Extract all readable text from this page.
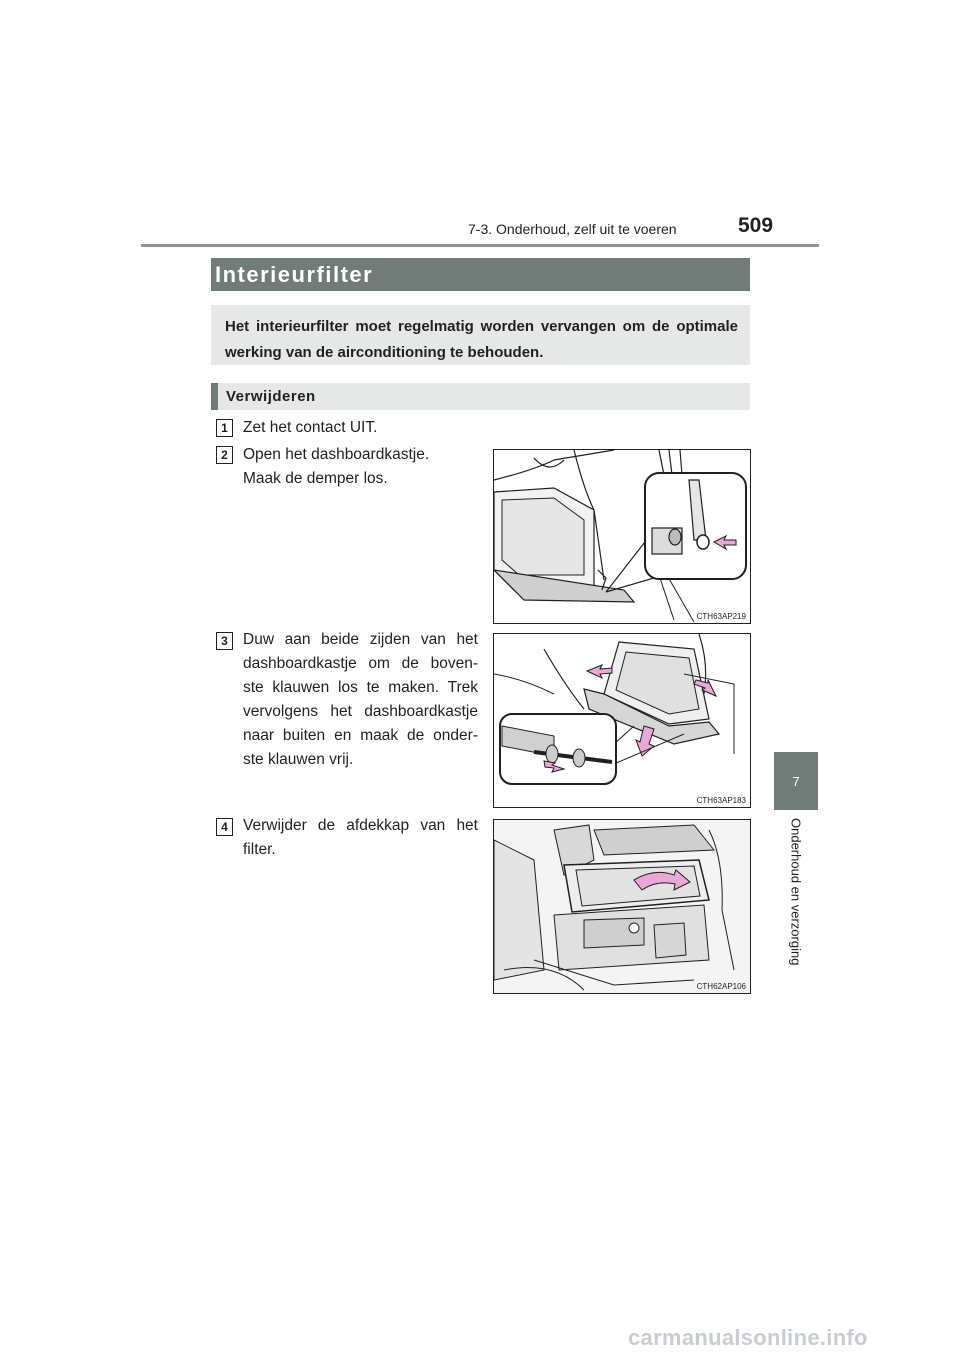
7-3. Onderhoud, zelf uit te voeren	509
7
Onderhoud en verzorging
Interieurfilter
Het interieurfilter moet regelmatig worden vervangen om de optimale werking van de airconditioning te behouden.
Verwijderen
1 Zet het contact UIT.
2 Open het dashboardkastje.
Maak de demper los.
CTH63AP219
3 Duw aan beide zijden van het
dashboardkastje om de boven-
ste klauwen los te maken. Trek
vervolgens het dashboardkastje
naar buiten en maak de onder-
ste klauwen vrij.
CTH63AP183
4 Verwijder de afdekkap van het
filter.
CTH62AP106
carmanualsonline.info
